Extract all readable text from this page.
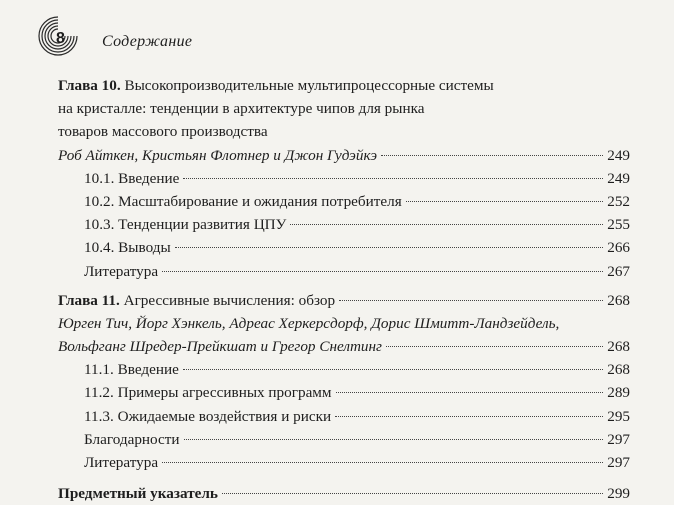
8 Содержание
Глава 10. Высокопроизводительные мультипроцессорные системы
на кристалле: тенденции в архитектуре чипов для рынка
товаров массового производства
Роб Айткен, Кристьян Флотнер и Джон Гудэйкэ	249
10.1. Введение	249
10.2. Масштабирование и ожидания потребителя	252
10.3. Тенденции развития ЦПУ	255
10.4. Выводы	266
Литература	267
Глава 11. Агрессивные вычисления: обзор	268
Юрген Тич, Йорг Хэнкель, Адреас Херкерсдорф, Дорис Шмитт-Ландзейдель,
Вольфганг Шредер-Прейкшат и Грегор Снелтинг	268
11.1. Введение	268
11.2. Примеры агрессивных программ	289
11.3. Ожидаемые воздействия и риски	295
Благодарности	297
Литература	297
Предметный указатель	299
